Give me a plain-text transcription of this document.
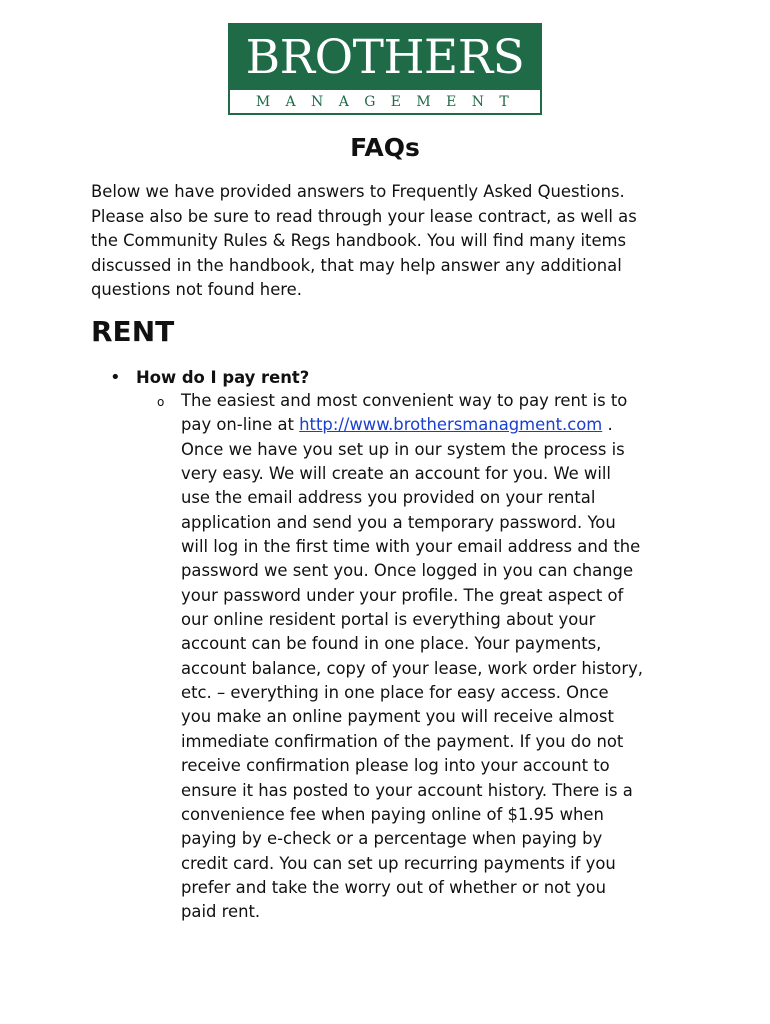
BROTHERS
MANAGEMENT
FAQs

Below we have provided answers to Frequently Asked Questions.
Please also be sure to read through your lease contract, as well as
the Community Rules & Regs handbook. You will find many items
discussed in the handbook, that may help answer any additional
questions not found here.

RENT
• How do I pay rent?
o The easiest and most convenient way to pay rent is to
pay on-line at http://www.brothersmanagment.com .
Once we have you set up in our system the process is
very easy. We will create an account for you. We will
use the email address you provided on your rental
application and send you a temporary password. You
will log in the first time with your email address and the
password we sent you. Once logged in you can change
your password under your profile. The great aspect of
our online resident portal is everything about your
account can be found in one place. Your payments,
account balance, copy of your lease, work order history,
etc. – everything in one place for easy access. Once
you make an online payment you will receive almost
immediate confirmation of the payment. If you do not
receive confirmation please log into your account to
ensure it has posted to your account history. There is a
convenience fee when paying online of $1.95 when
paying by e-check or a percentage when paying by
credit card. You can set up recurring payments if you
prefer and take the worry out of whether or not you
paid rent.
